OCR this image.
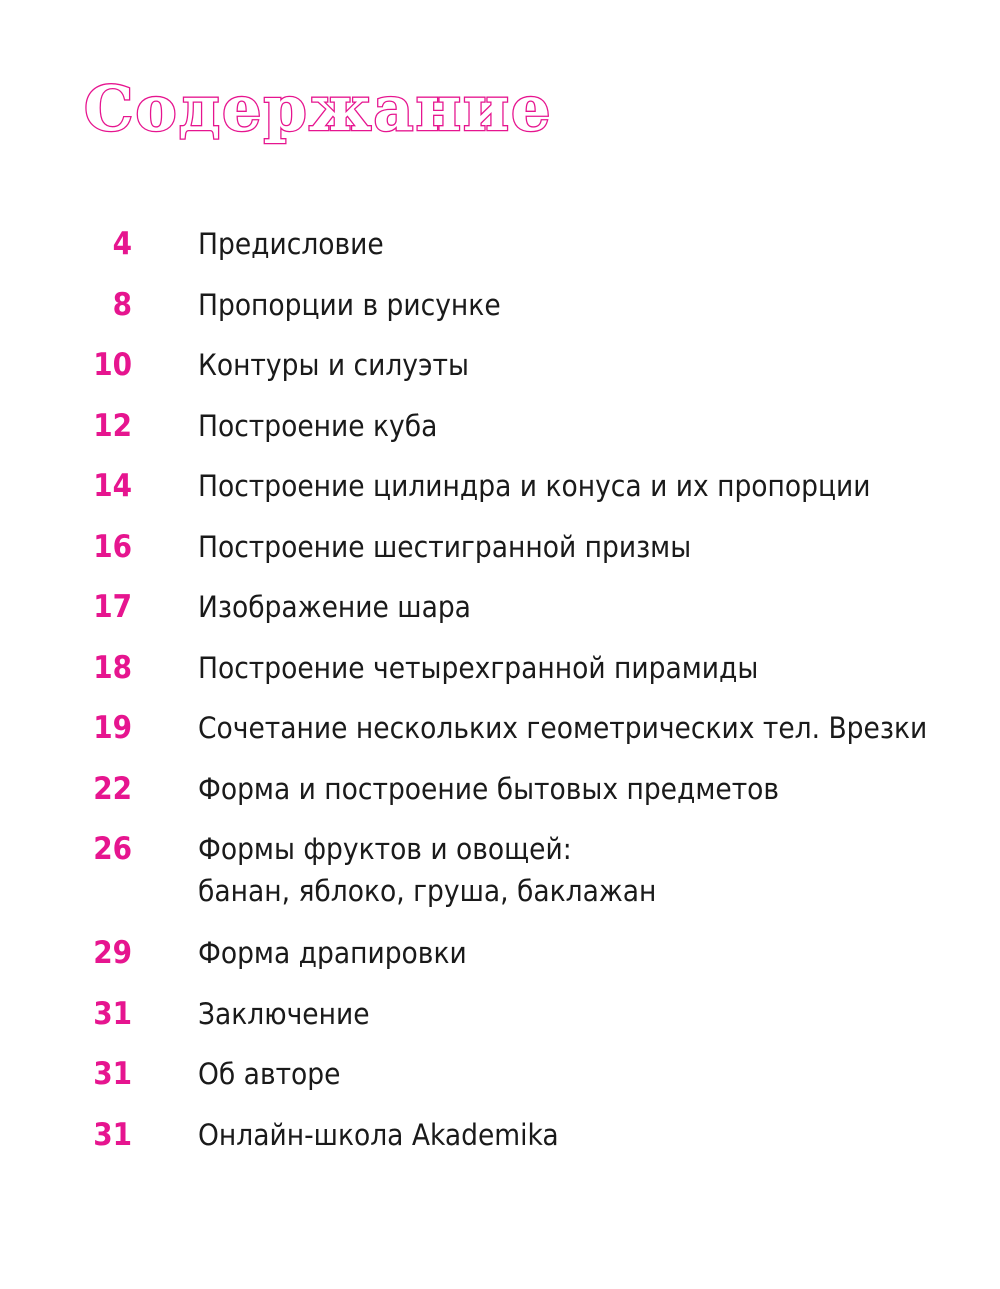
Содержание
4 Предисловие
8 Пропорции в рисунке
10 Контуры и силуэты
12 Построение куба
14 Построение цилиндра и конуса и их пропорции
16 Построение шестигранной призмы
17 Изображение шара
18 Построение четырехгранной пирамиды
19 Сочетание нескольких геометрических тел. Врезки
22 Форма и построение бытовых предметов
26 Формы фруктов и овощей:
банан, яблоко, груша, баклажан
29 Форма драпировки
31 Заключение
31 Об авторе
31 Онлайн-школа Akademika
